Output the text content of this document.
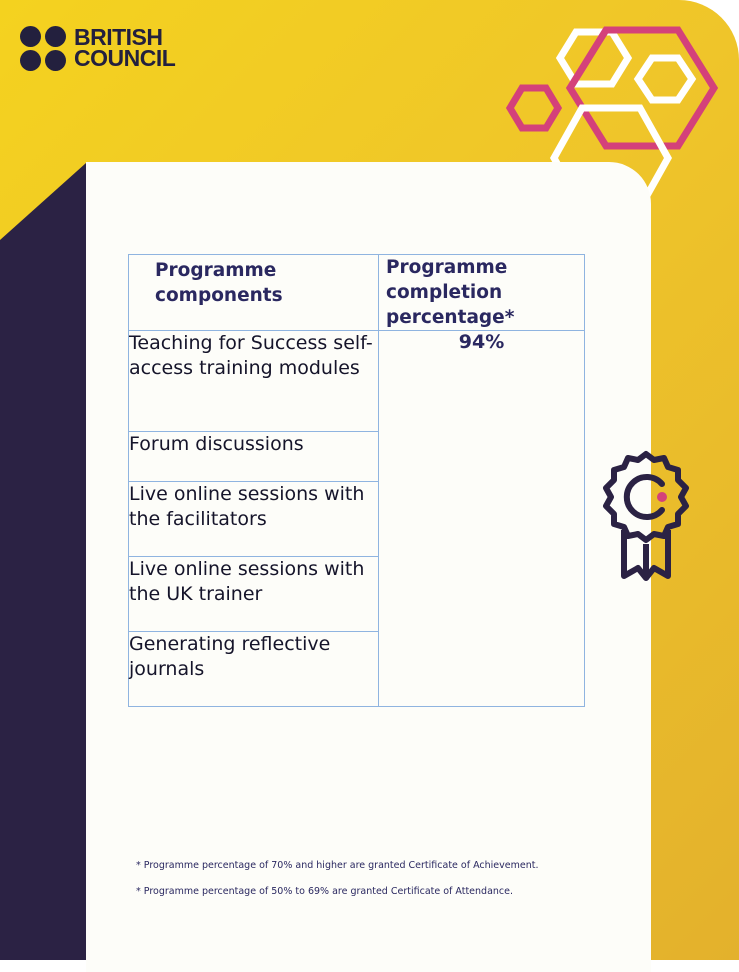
BRITISH
COUNCIL
Programme components	Programme completion percentage*

Teaching for Success self-access training modules	94%

Forum discussions	

Live online sessions with the facilitators	

Live online sessions with the UK trainer	

Generating reflective journals	

* Programme percentage of 70% and higher are granted Certificate of Achievement.

* Programme percentage of 50% to 69% are granted Certificate of Attendance.
